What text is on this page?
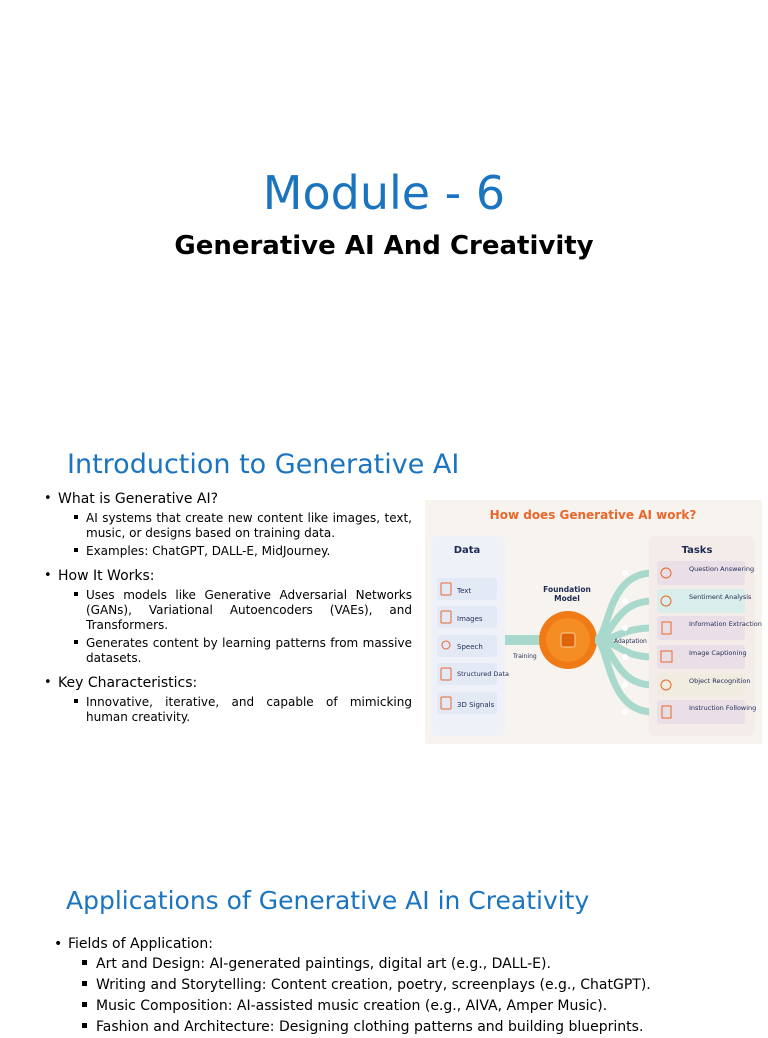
Module - 6
Generative AI And Creativity
Introduction to Generative AI
• What is Generative AI?
AI systems that create new content like images, text, music, or designs based on training data.
Examples: ChatGPT, DALL-E, MidJourney.
• How It Works:
Uses models like Generative Adversarial Networks (GANs), Variational Autoencoders (VAEs), and Transformers.
Generates content by learning patterns from massive datasets.
• Key Characteristics:
Innovative, iterative, and capable of mimicking human creativity.
How does Generative AI work?
Data
Text
Images
Speech
Structured Data
3D Signals
Training
Foundation
Model
Adaptation
Tasks
Question Answering
Sentiment Analysis
Information Extraction
Image Captioning
Object Recognition
Instruction Following
Applications of Generative AI in Creativity
• Fields of Application:
Art and Design: AI-generated paintings, digital art (e.g., DALL-E).
Writing and Storytelling: Content creation, poetry, screenplays (e.g., ChatGPT).
Music Composition: AI-assisted music creation (e.g., AIVA, Amper Music).
Fashion and Architecture: Designing clothing patterns and building blueprints.
